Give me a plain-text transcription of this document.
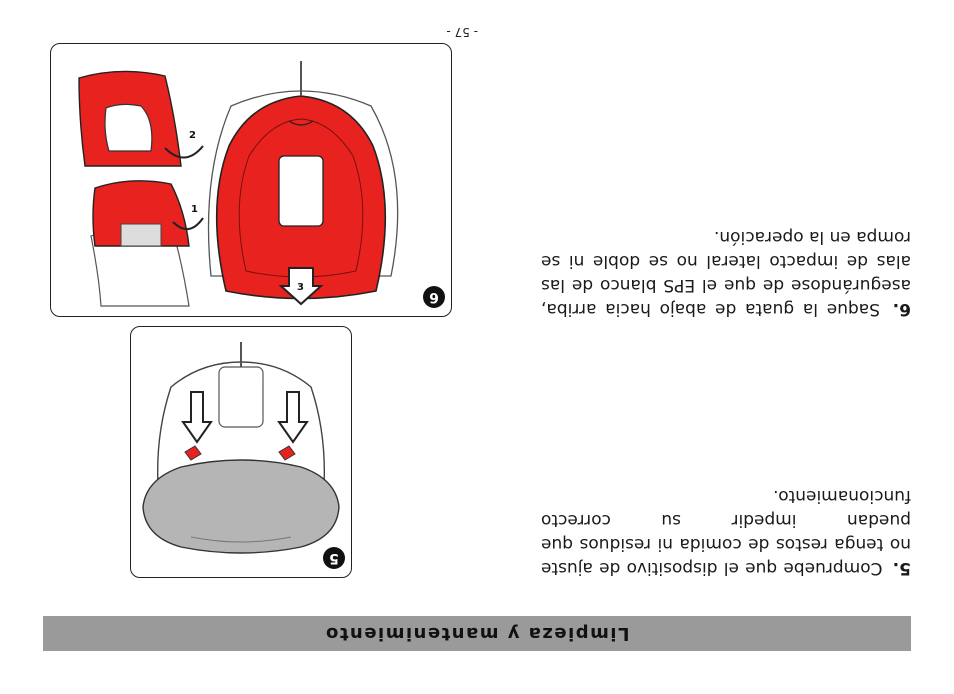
Limpieza y mantenimiento
5. Compruebe que el dispositivo de ajuste no tenga restos de comida ni residuos que puedan impedir su correcto funcionamiento.
6. Saque la guata de abajo hacia arriba, asegurándose de que el EPS blanco de las alas de impacto lateral no se doble ni se rompa en la operación.
- 57 -
5
6
3
1
2
